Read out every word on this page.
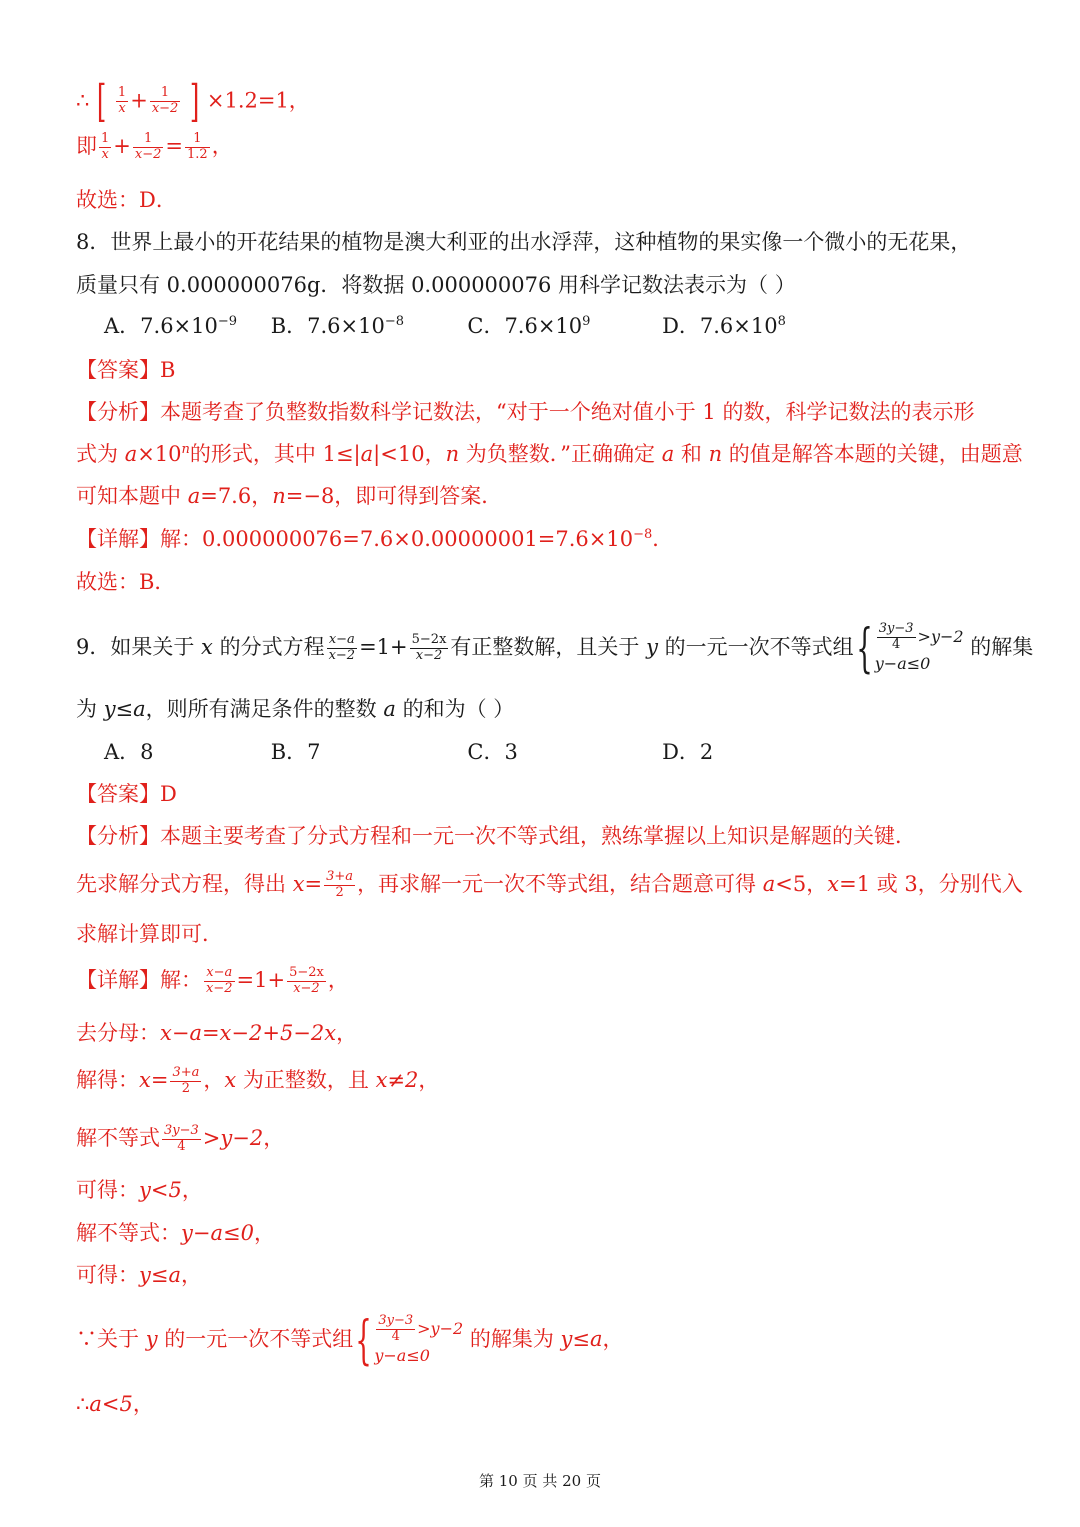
∴ [ $\frac{1}{x} + \frac{1}{x-2}$ ] ×1.2=1，
即 $\frac{1}{x} + \frac{1}{x-2} = \frac{1}{1.2}$ ，
故选：D．
8．世界上最小的开花结果的植物是澳大利亚的出水浮萍，这种植物的果实像一个微小的无花果，
质量只有 0.000000076g．将数据 0.000000076 用科学记数法表示为（ ）
A．$7.6\times 10^{-9}$ B．$7.6\times 10^{-8}$	C．$7.6\times 10^9$	D．$7.6\times 10^8$
【答案】B
【分析】本题考查了负整数指数科学记数法，“对于一个绝对值小于 1 的数，科学记数法的表示形
式为 $a\times 10^n$的形式，其中 1≤|a|<10，n 为负整数．”正确确定 a 和 n 的值是解答本题的关键，由题意
可知本题中 a=7.6，n=−8，即可得到答案．
【详解】解：$0.000000076=7.6\times 0.00000001=7.6\times 10^{-8}$．
故选：B．
9．如果关于 x 的分式方程 $\frac{x-a}{x-2} =1+ \frac{5-2x}{x-2}$ 有正整数解，且关于 y 的一元一次不等式组{ $\frac{3y-3}{4} >y-2$
y−a≤0
的解集
为 y≤a，则所有满足条件的整数 a 的和为（ ）
A．8	B．7	C．3	D．2
【答案】D
【分析】本题主要考查了分式方程和一元一次不等式组，熟练掌握以上知识是解题的关键．
先求解分式方程，得出 $x= \frac{3+a}{2}$ ，再求解一元一次不等式组，结合题意可得 a<5，x=1 或 3，分别代入
求解计算即可．
【详解】解： $\frac{x-a}{x-2} =1+ \frac{5-2x}{x-2}$ ，
去分母：x−a=x−2+5−2x，
解得：$x= \frac{3+a}{2}$ ，x 为正整数，且 x≠2，
解不等式 $\frac{3y-3}{4} >y-2$，
可得：y<5，
解不等式：y−a≤0，
可得：y≤a，
∵关于 y 的一元一次不等式组{ $\frac{3y-3}{4} >y-2$
y−a≤0
的解集为 y≤a，
∴a<5，
第 10 页 共 20 页
